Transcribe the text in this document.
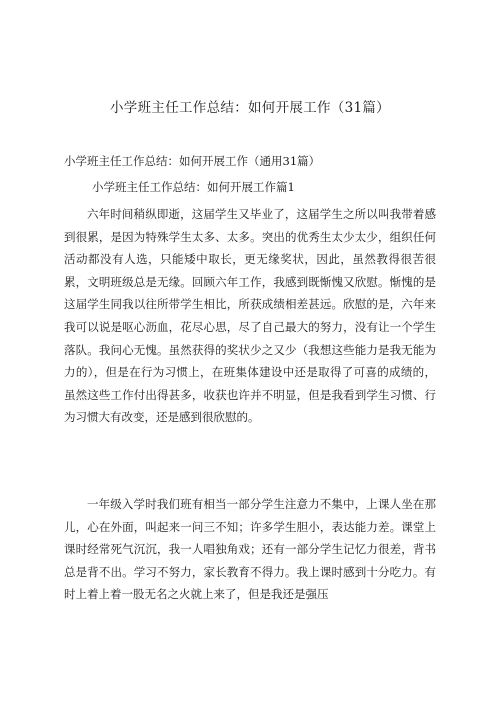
小学班主任工作总结：如何开展工作（31篇）

小学班主任工作总结：如何开展工作（通用31篇）

小学班主任工作总结：如何开展工作篇1

六年时间稍纵即逝，这届学生又毕业了，这届学生之所以叫我带着感到很累，是因为特殊学生太多、太多。突出的优秀生太少太少，组织任何活动都没有人选，只能矮中取长，更无缘奖状，因此，虽然教得很苦很累，文明班级总是无缘。回顾六年工作，我感到既惭愧又欣慰。惭愧的是这届学生同我以往所带学生相比，所获成绩相差甚远。欣慰的是，六年来我可以说是呕心沥血，花尽心思，尽了自己最大的努力，没有让一个学生落队。我问心无愧。虽然获得的奖状少之又少（我想这些能力是我无能为力的），但是在行为习惯上，在班集体建设中还是取得了可喜的成绩的，虽然这些工作付出得甚多，收获也许并不明显，但是我看到学生习惯、行为习惯大有改变，还是感到很欣慰的。

一年级入学时我们班有相当一部分学生注意力不集中，上课人坐在那儿，心在外面，叫起来一问三不知；许多学生胆小，表达能力差。课堂上课时经常死气沉沉，我一人唱独角戏；还有一部分学生记忆力很差，背书总是背不出。学习不努力，家长教育不得力。我上课时感到十分吃力。有时上着上着一股无名之火就上来了，但是我还是强压
